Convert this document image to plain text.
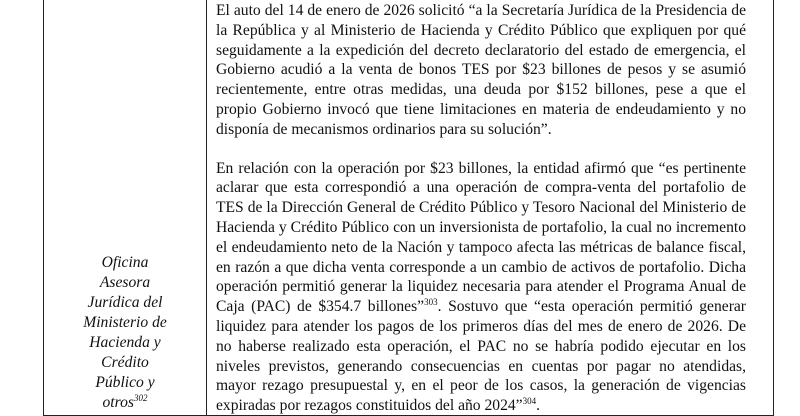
Oficina
Asesora
Jurídica del
Ministerio de
Hacienda y
Crédito
Público y
otros$^{302}$

El auto del 14 de enero de 2026 solicitó “a la Secretaría Jurídica de la Presidencia de la República y al Ministerio de Hacienda y Crédito Público que expliquen por qué seguidamente a la expedición del decreto declaratorio del estado de emergencia, el Gobierno acudió a la venta de bonos TES por $23 billones de pesos y se asumió recientemente, entre otras medidas, una deuda por $152 billones, pese a que el propio Gobierno invocó que tiene limitaciones en materia de endeudamiento y no disponía de mecanismos ordinarios para su solución”.

En relación con la operación por $23 billones, la entidad afirmó que “es pertinente aclarar que esta correspondió a una operación de compra-venta del portafolio de TES de la Dirección General de Crédito Público y Tesoro Nacional del Ministerio de Hacienda y Crédito Público con un inversionista de portafolio, la cual no incremento el endeudamiento neto de la Nación y tampoco afecta las métricas de balance fiscal, en razón a que dicha venta corresponde a un cambio de activos de portafolio. Dicha operación permitió generar la liquidez necesaria para atender el Programa Anual de Caja (PAC) de $354.7 billones”$^{303}$. Sostuvo que “esta operación permitió generar liquidez para atender los pagos de los primeros días del mes de enero de 2026. De no haberse realizado esta operación, el PAC no se habría podido ejecutar en los niveles previstos, generando consecuencias en cuentas por pagar no atendidas, mayor rezago presupuestal y, en el peor de los casos, la generación de vigencias expiradas por rezagos constituidos del año 2024”$^{304}$.
